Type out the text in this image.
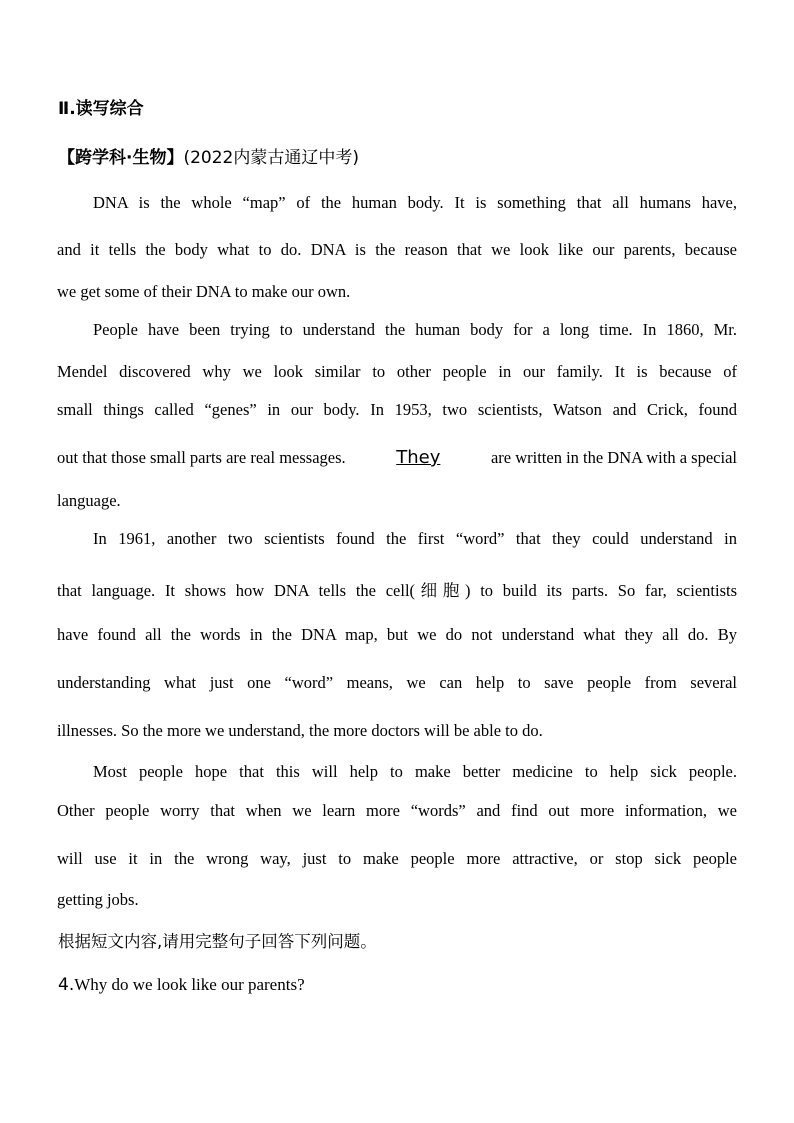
Ⅱ.读写综合
【跨学科·生物】(2022内蒙古通辽中考)
DNA is the whole “map” of the human body. It is something that all humans have,
and it tells the body what to do. DNA is the reason that we look like our parents, because
we get some of their DNA to make our own.
People have been trying to understand the human body for a long time. In 1860, Mr.
Mendel discovered why we look similar to other people in our family. It is because of
small things called “genes” in our body. In 1953, two scientists, Watson and Crick, found
out that those small parts are real messages.	They	are written in the DNA with a special
language.
In 1961, another two scientists found the first “word” that they could understand in
that language. It shows how DNA tells the cell(细胞) to build its parts. So far, scientists
have found all the words in the DNA map, but we do not understand what they all do. By
understanding what just one “word” means, we can help to save people from several
illnesses. So the more we understand, the more doctors will be able to do.
Most people hope that this will help to make better medicine to help sick people.
Other people worry that when we learn more “words” and find out more information, we
will use it in the wrong way, just to make people more attractive, or stop sick people
getting jobs.
根据短文内容,请用完整句子回答下列问题。
4.Why do we look like our parents?
